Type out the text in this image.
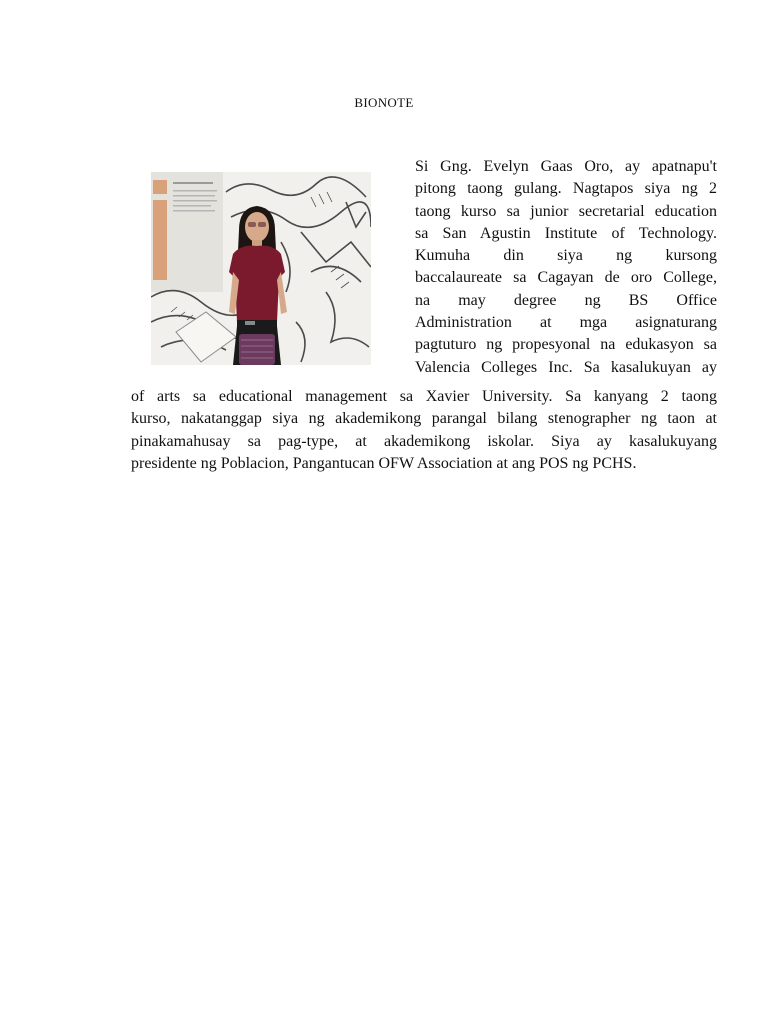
BIONOTE
Si Gng. Evelyn Gaas Oro, ay apatnapu't
pitong taong gulang. Nagtapos siya ng 2
taong kurso sa junior secretarial education
sa San Agustin Institute of Technology.
Kumuha din siya ng kursong
baccalaureate sa Cagayan de oro College,
na may degree ng BS Office
Administration at mga asignaturang
pagtuturo ng propesyonal na edukasyon sa
Valencia Colleges Inc. Sa kasalukuyan ay
of arts sa educational management sa Xavier University. Sa kanyang 2 taong
kurso, nakatanggap siya ng akademikong parangal bilang stenographer ng taon at
pinakamahusay sa pag-type, at akademikong iskolar. Siya ay kasalukuyang
presidente ng Poblacion, Pangantucan OFW Association at ang POS ng PCHS.
